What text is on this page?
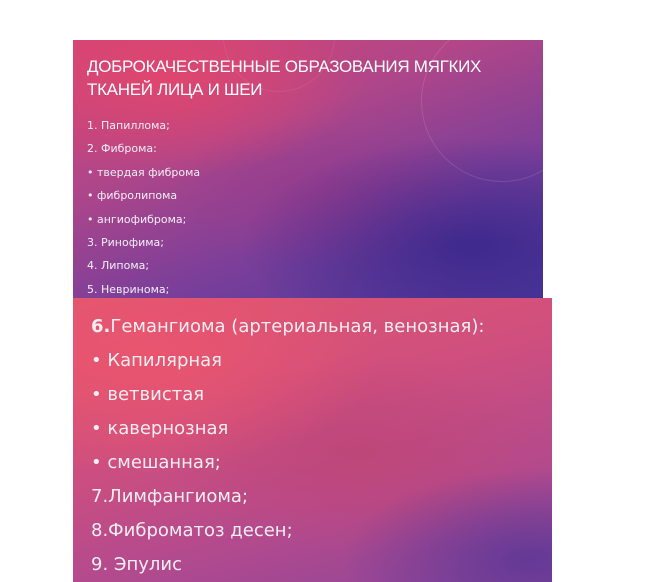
ДОБРОКАЧЕСТВЕННЫЕ ОБРАЗОВАНИЯ МЯГКИХ ТКАНЕЙ ЛИЦА И ШЕИ
1. Папиллома;
2. Фиброма:
• твердая фиброма
• фибролипома
• ангиофиброма;
3. Ринофима;
4. Липома;
5. Невринома;
6.Гемангиома (артериальная, венозная):
• Капилярная
• ветвистая
• кавернозная
• смешанная;
7.Лимфангиома;
8.Фиброматоз десен;
9. Эпулис
